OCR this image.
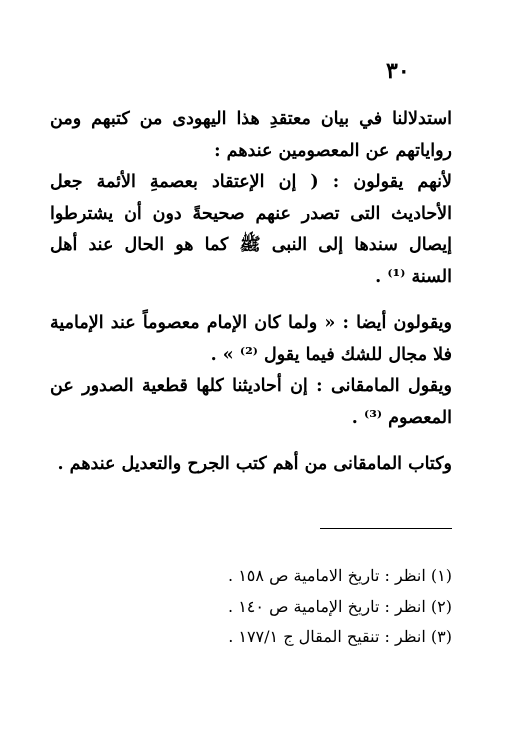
٣٠

استدلالنا في بيان معتقدِ هذا اليهودى من كتبهم ومن رواياتهم عن المعصومين عندهم :

لأنهم يقولون : ( إن الإعتقاد بعصمةِ الأئمة جعل الأحاديث التى تصدر عنهم صحيحةً دون أن يشترطوا إيصال سندها إلى النبى ﷺ كما هو الحال عند أهل السنة ⁽¹⁾ .

ويقولون أيضا : « ولما كان الإمام معصوماً عند الإمامية فلا مجال للشك فيما يقول ⁽²⁾ » .

ويقول المامقانى : إن أحاديثنا كلها قطعية الصدور عن المعصوم ⁽³⁾ .

وكتاب المامقانى من أهم كتب الجرح والتعديل عندهم .

(١) انظر : تاريخ الامامية ص ١٥٨ .

(٢) انظر : تاريخ الإمامية ص ١٤٠ .

(٣) انظر : تنقيح المقال ج ١٧٧/١ .
